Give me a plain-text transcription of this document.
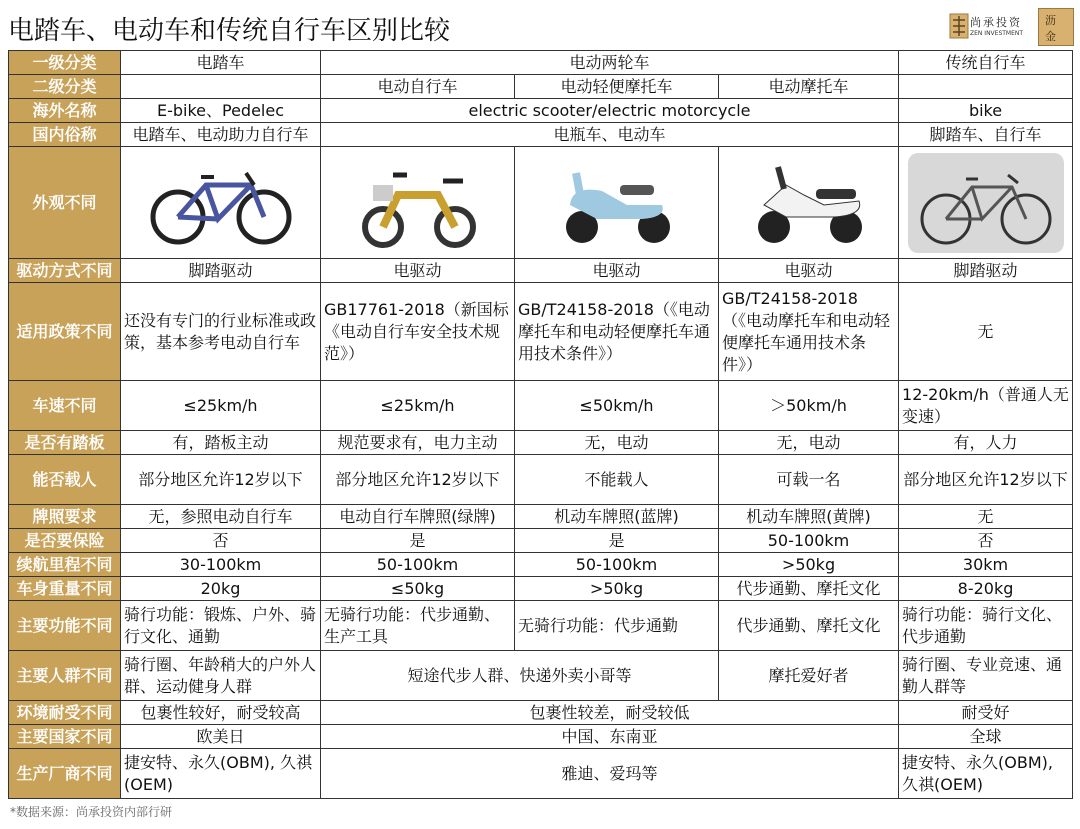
电踏车、电动车和传统自行车区别比较	尚承投资
ZEN INVESTMENT
沥
金
一级分类	电踏车	电动两轮车			传统自行车
二级分类		电动自行车	电动轻便摩托车	电动摩托车	
海外名称	E-bike、Pedelec	electric scooter/electric motorcycle			bike
国内俗称	电踏车、电动助力自行车	电瓶车、电动车			脚踏车、自行车
外观不同	

驱动方式不同	脚踏驱动	电驱动	电驱动	电驱动	脚踏驱动
适用政策不同	还没有专门的行业标准或政策，基本参考电动自行车	GB17761-2018（新国标《电动自行车安全技术规范》）	GB/T24158-2018（《电动摩托车和电动轻便摩托车通用技术条件》）	GB/T24158-2018（《电动摩托车和电动轻便摩托车通用技术条件》）	无
车速不同	≤25km/h	≤25km/h	≤50km/h	＞50km/h	12-20km/h（普通人无变速）
是否有踏板	有，踏板主动	规范要求有，电力主动	无，电动	无，电动	有，人力
能否载人	部分地区允许12岁以下	部分地区允许12岁以下	不能载人	可载一名	部分地区允许12岁以下
牌照要求	无，参照电动自行车	电动自行车牌照(绿牌)	机动车牌照(蓝牌)	机动车牌照(黄牌)	无
是否要保险	否	是	是	50-100km	否
续航里程不同	30-100km	50-100km	50-100km	>50kg	30km
车身重量不同	20kg	≤50kg	>50kg	代步通勤、摩托文化	8-20kg
主要功能不同	骑行功能：锻炼、户外、骑行文化、通勤	无骑行功能：代步通勤、生产工具	无骑行功能：代步通勤	代步通勤、摩托文化	骑行功能：骑行文化、代步通勤
主要人群不同	骑行圈、年龄稍大的户外人群、运动健身人群	短途代步人群、快递外卖小哥等		摩托爱好者	骑行圈、专业竞速、通勤人群等
环境耐受不同	包裹性较好，耐受较高	包裹性较差，耐受较低			耐受好
主要国家不同	欧美日	中国、东南亚			全球
生产厂商不同	捷安特、永久(OBM), 久祺(OEM)	雅迪、爱玛等			捷安特、永久(OBM), 久祺(OEM)
*数据来源：尚承投资内部行研
